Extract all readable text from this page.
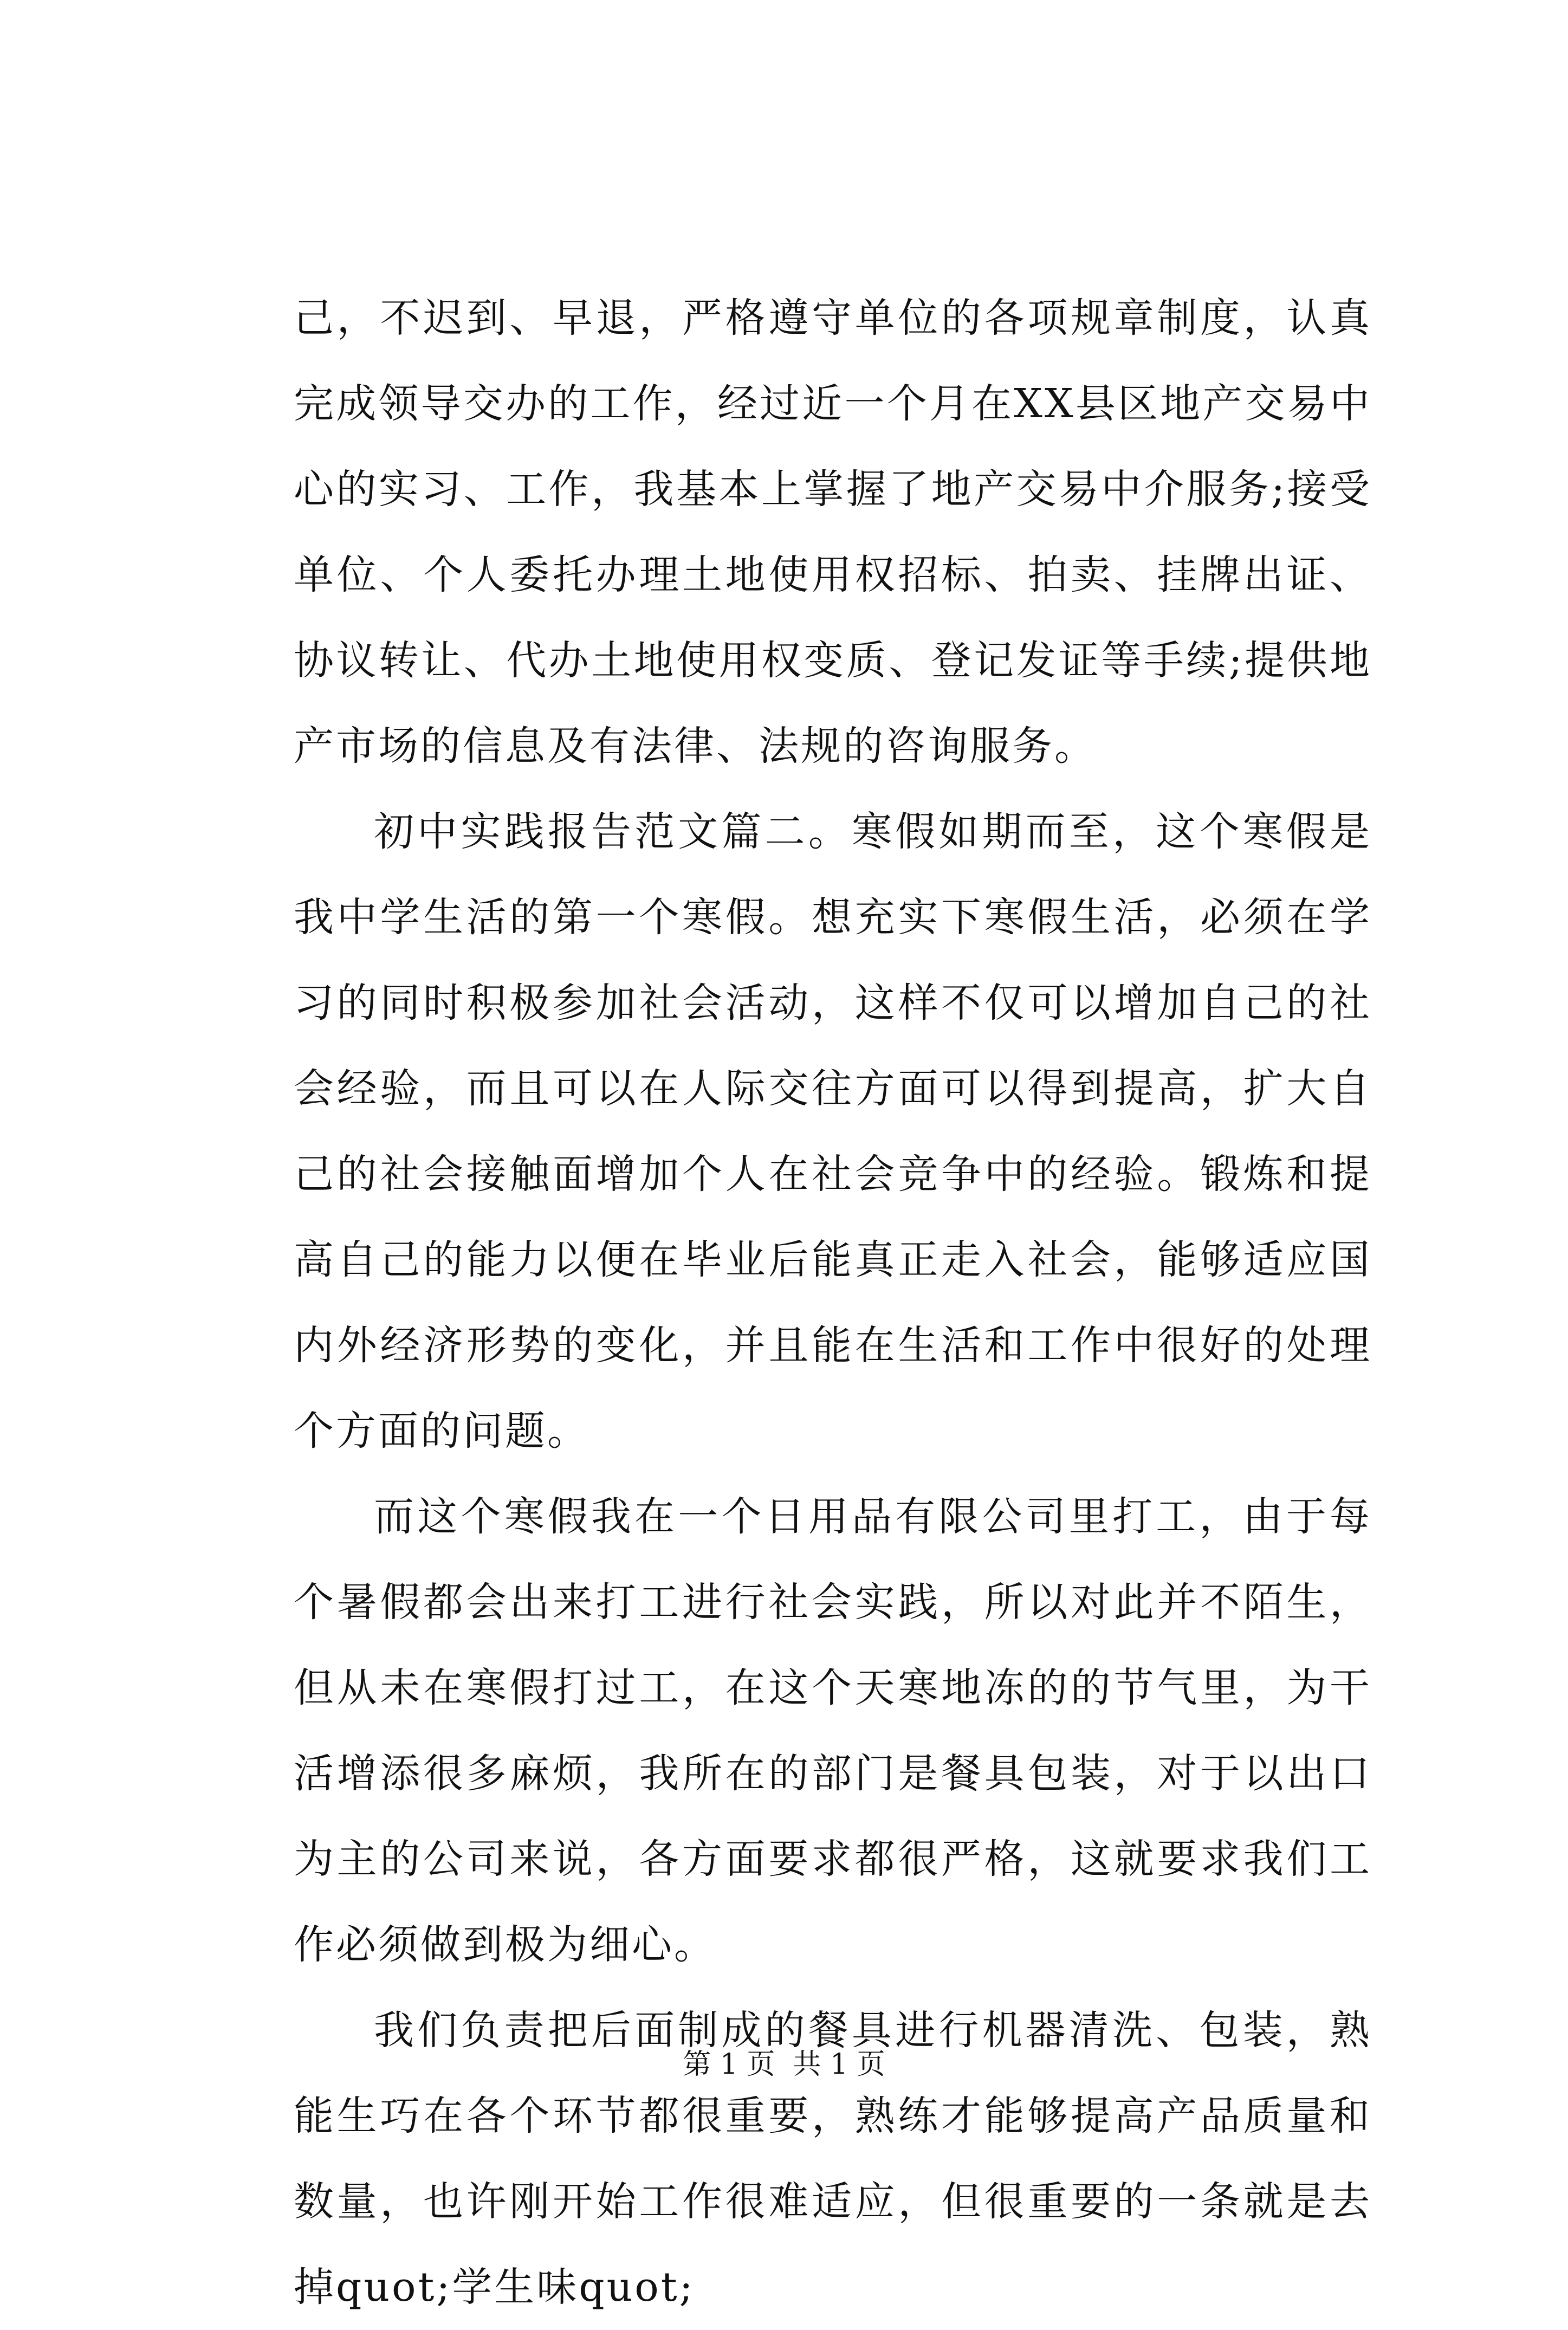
己，不迟到、早退，严格遵守单位的各项规章制度，认真完成领导交办的工作，经过近一个月在XX县区地产交易中心的实习、工作，我基本上掌握了地产交易中介服务;接受单位、个人委托办理土地使用权招标、拍卖、挂牌出证、协议转让、代办土地使用权变质、登记发证等手续;提供地产市场的信息及有法律、法规的咨询服务。

初中实践报告范文篇二。寒假如期而至，这个寒假是我中学生活的第一个寒假。想充实下寒假生活，必须在学习的同时积极参加社会活动，这样不仅可以增加自己的社会经验，而且可以在人际交往方面可以得到提高，扩大自己的社会接触面增加个人在社会竞争中的经验。锻炼和提高自己的能力以便在毕业后能真正走入社会，能够适应国内外经济形势的变化，并且能在生活和工作中很好的处理个方面的问题。

而这个寒假我在一个日用品有限公司里打工，由于每个暑假都会出来打工进行社会实践，所以对此并不陌生，但从未在寒假打过工，在这个天寒地冻的的节气里，为干活增添很多麻烦，我所在的部门是餐具包装，对于以出口为主的公司来说，各方面要求都很严格，这就要求我们工作必须做到极为细心。

我们负责把后面制成的餐具进行机器清洗、包装，熟能生巧在各个环节都很重要，熟练才能够提高产品质量和数量，也许刚开始工作很难适应，但很重要的一条就是去掉quot;学生味quot;

第 1 页  共 1 页
